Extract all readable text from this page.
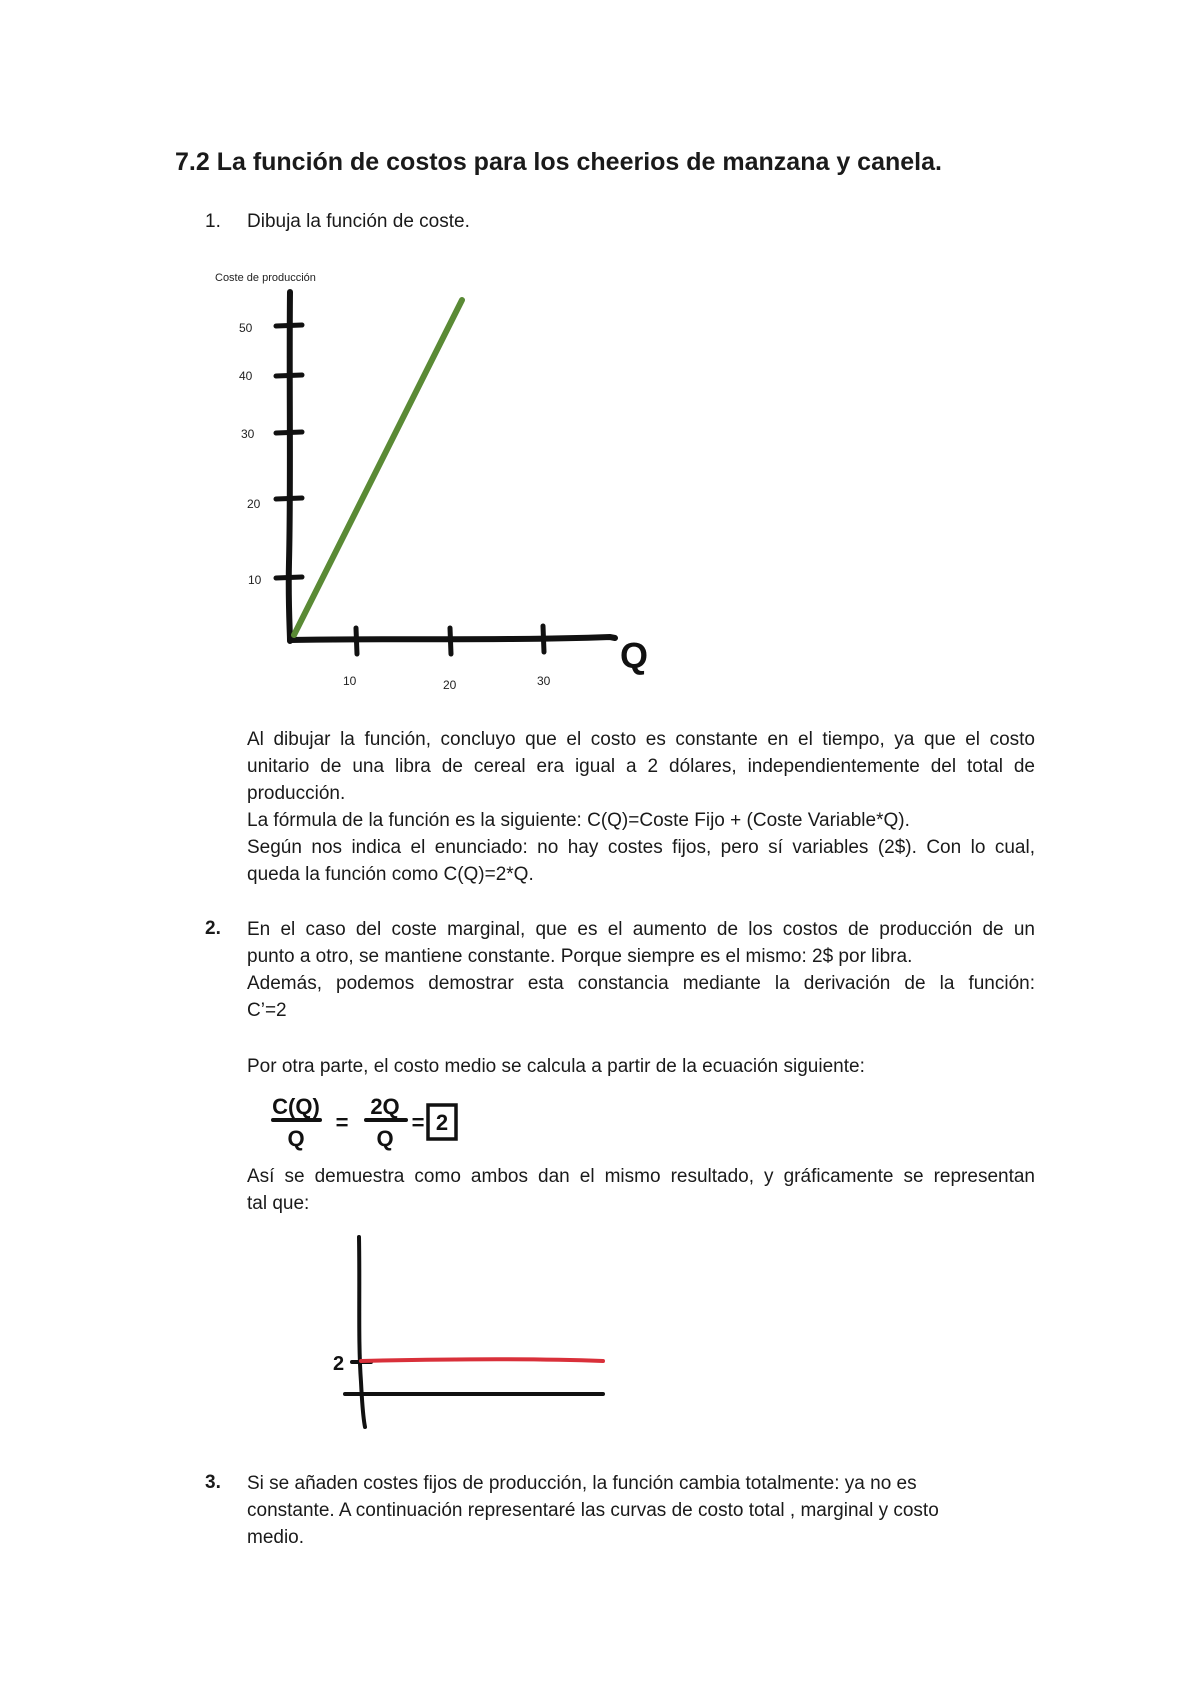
7.2 La función de costos para los cheerios de manzana y canela.
1. Dibuja la función de coste.
Coste de producción
50
40
30
20
10
10	20	30
Q

Al dibujar la función, concluyo que el costo es constante en el tiempo, ya que el costo

unitario de una libra de cereal era igual a 2 dólares, independientemente del total de

producción.

La fórmula de la función es la siguiente: C(Q)=Coste Fijo + (Coste Variable*Q).

Según nos indica el enunciado: no hay costes fijos, pero sí variables (2$). Con lo cual,

queda la función como C(Q)=2*Q.

2. En el caso del coste marginal, que es el aumento de los costos de producción de un

punto a otro, se mantiene constante. Porque siempre es el mismo: 2$ por libra.

Además, podemos demostrar esta constancia mediante la derivación de la función:

C’=2

Por otra parte, el costo medio se calcula a partir de la ecuación siguiente:

C(Q)
Q
=
2Q
Q
= 2

Así se demuestra como ambos dan el mismo resultado, y gráficamente se representan

tal que:

2
3. Si se añaden costes fijos de producción, la función cambia totalmente: ya no es

constante. A continuación representaré las curvas de costo total , marginal y costo

medio.
